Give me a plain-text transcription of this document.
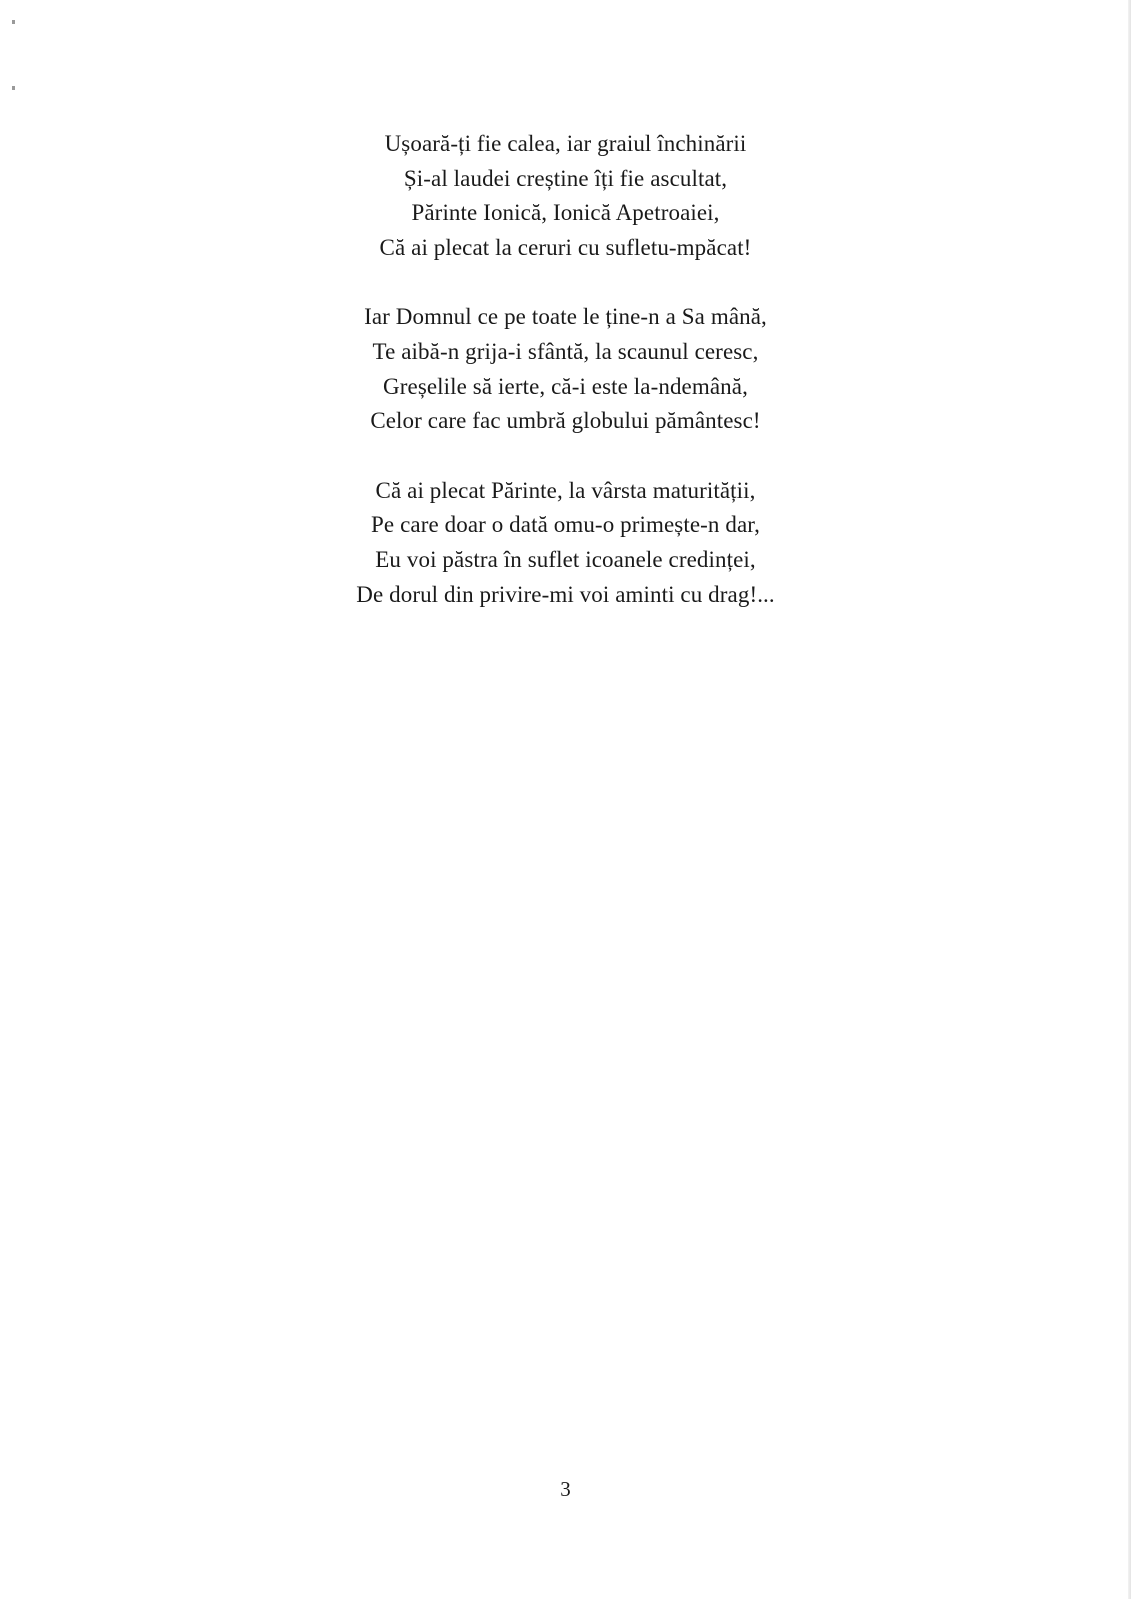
Ușoară-ți fie calea, iar graiul închinării
Și-al laudei creștine îți fie ascultat,
Părinte Ionică, Ionică Apetroaiei,
Că ai plecat la ceruri cu sufletu-mpăcat!
Iar Domnul ce pe toate le ține-n a Sa mână,
Te aibă-n grija-i sfântă, la scaunul ceresc,
Greșelile să ierte, că-i este la-ndemână,
Celor care fac umbră globului pământesc!
Că ai plecat Părinte, la vârsta maturității,
Pe care doar o dată omu-o primește-n dar,
Eu voi păstra în suflet icoanele credinței,
De dorul din privire-mi voi aminti cu drag!...
3
